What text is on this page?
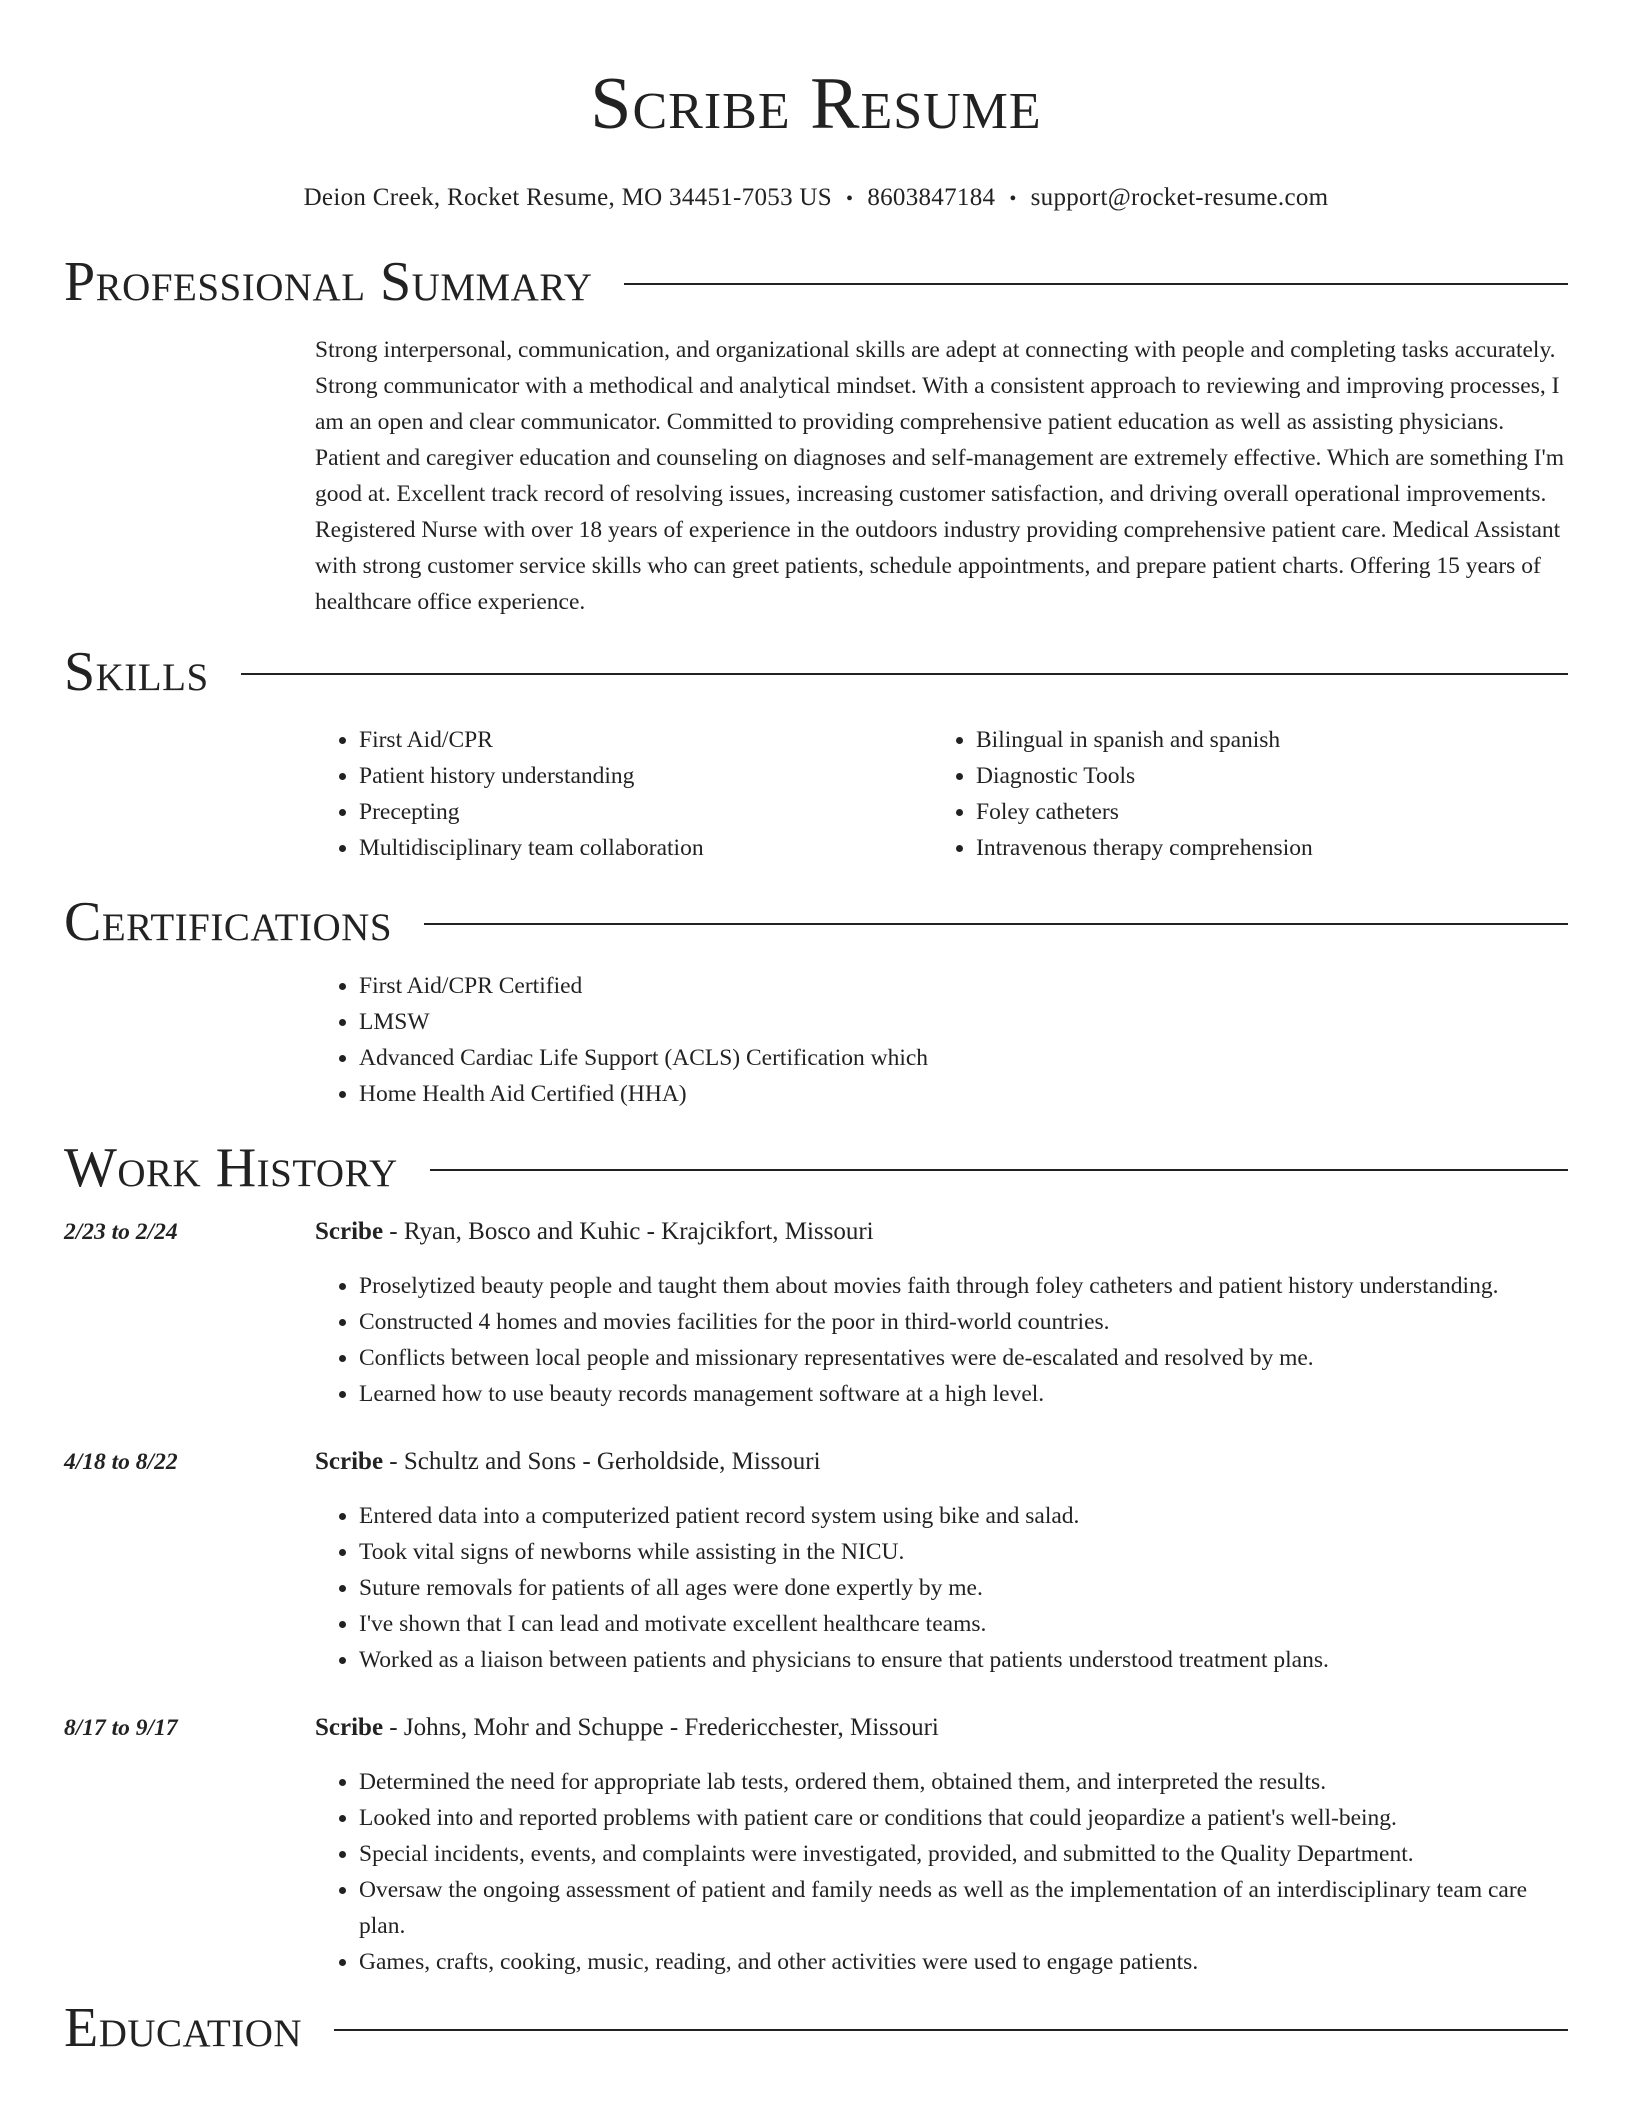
Scribe Resume
Deion Creek, Rocket Resume, MO 34451-7053 US • 8603847184 • support@rocket-resume.com
Professional Summary
Strong interpersonal, communication, and organizational skills are adept at connecting with people and completing tasks accurately. Strong communicator with a methodical and analytical mindset. With a consistent approach to reviewing and improving processes, I am an open and clear communicator. Committed to providing comprehensive patient education as well as assisting physicians. Patient and caregiver education and counseling on diagnoses and self-management are extremely effective. Which are something I'm good at. Excellent track record of resolving issues, increasing customer satisfaction, and driving overall operational improvements. Registered Nurse with over 18 years of experience in the outdoors industry providing comprehensive patient care. Medical Assistant with strong customer service skills who can greet patients, schedule appointments, and prepare patient charts. Offering 15 years of healthcare office experience.
Skills
• First Aid/CPR
• Patient history understanding
• Precepting
• Multidisciplinary team collaboration
• Bilingual in spanish and spanish
• Diagnostic Tools
• Foley catheters
• Intravenous therapy comprehension
Certifications
• First Aid/CPR Certified
• LMSW
• Advanced Cardiac Life Support (ACLS) Certification which
• Home Health Aid Certified (HHA)
Work History
2/23 to 2/24	Scribe - Ryan, Bosco and Kuhic - Krajcikfort, Missouri
• Proselytized beauty people and taught them about movies faith through foley catheters and patient history understanding.
• Constructed 4 homes and movies facilities for the poor in third-world countries.
• Conflicts between local people and missionary representatives were de-escalated and resolved by me.
• Learned how to use beauty records management software at a high level.
4/18 to 8/22	Scribe - Schultz and Sons - Gerholdside, Missouri
• Entered data into a computerized patient record system using bike and salad.
• Took vital signs of newborns while assisting in the NICU.
• Suture removals for patients of all ages were done expertly by me.
• I've shown that I can lead and motivate excellent healthcare teams.
• Worked as a liaison between patients and physicians to ensure that patients understood treatment plans.
8/17 to 9/17	Scribe - Johns, Mohr and Schuppe - Fredericchester, Missouri
• Determined the need for appropriate lab tests, ordered them, obtained them, and interpreted the results.
• Looked into and reported problems with patient care or conditions that could jeopardize a patient's well-being.
• Special incidents, events, and complaints were investigated, provided, and submitted to the Quality Department.
• Oversaw the ongoing assessment of patient and family needs as well as the implementation of an interdisciplinary team care plan.
• Games, crafts, cooking, music, reading, and other activities were used to engage patients.
Education
